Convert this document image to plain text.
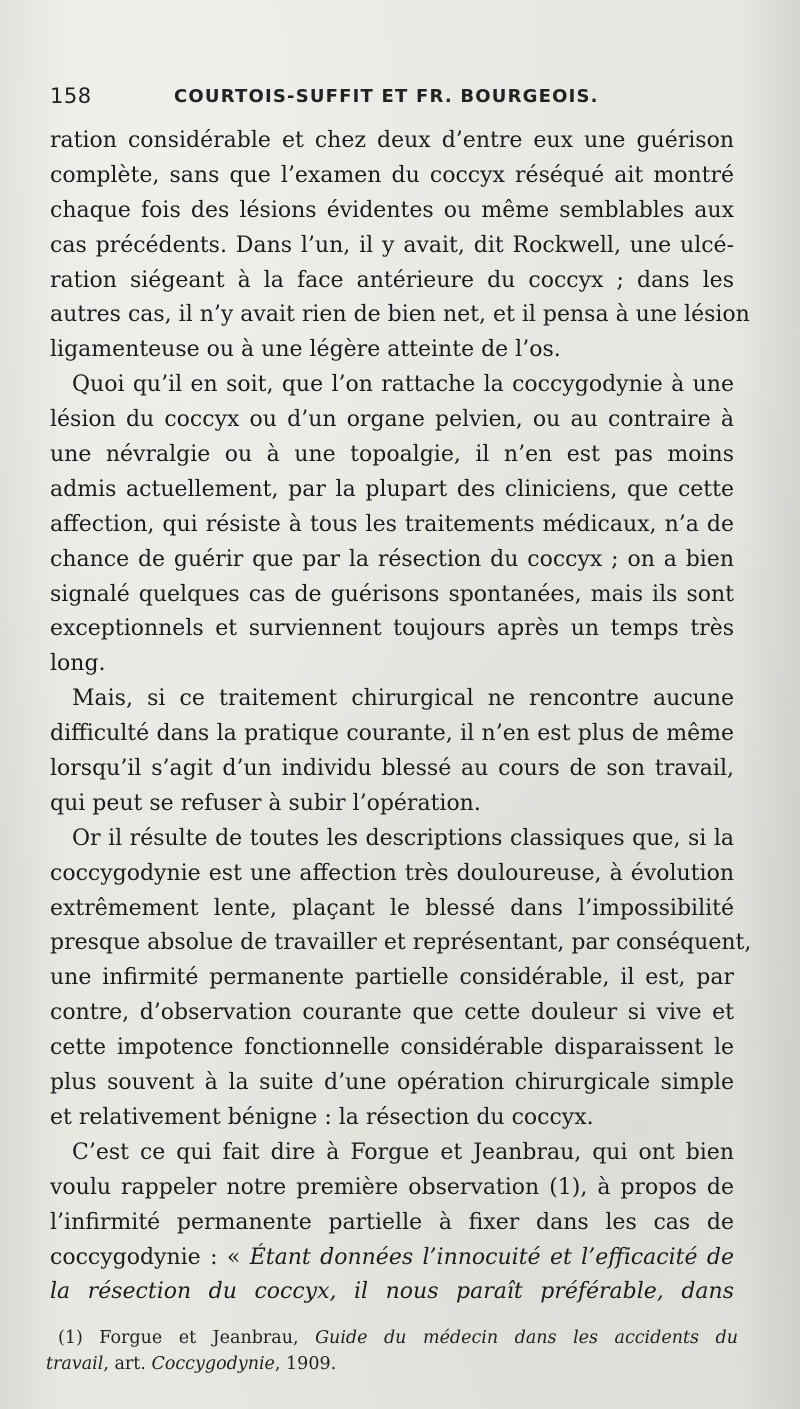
158	COURTOIS-SUFFIT ET FR. BOURGEOIS.
ration considérable et chez deux d’entre eux une guérison
complète, sans que l’examen du coccyx réséqué ait montré
chaque fois des lésions évidentes ou même semblables aux
cas précédents. Dans l’un, il y avait, dit Rockwell, une ulcé-
ration siégeant à la face antérieure du coccyx ; dans les
autres cas, il n’y avait rien de bien net, et il pensa à une lésion
ligamenteuse ou à une légère atteinte de l’os.
Quoi qu’il en soit, que l’on rattache la coccygodynie à une
lésion du coccyx ou d’un organe pelvien, ou au contraire à
une névralgie ou à une topoalgie, il n’en est pas moins
admis actuellement, par la plupart des cliniciens, que cette
affection, qui résiste à tous les traitements médicaux, n’a de
chance de guérir que par la résection du coccyx ; on a bien
signalé quelques cas de guérisons spontanées, mais ils sont
exceptionnels et surviennent toujours après un temps très
long.
Mais, si ce traitement chirurgical ne rencontre aucune
difficulté dans la pratique courante, il n’en est plus de même
lorsqu’il s’agit d’un individu blessé au cours de son travail,
qui peut se refuser à subir l’opération.
Or il résulte de toutes les descriptions classiques que, si la
coccygodynie est une affection très douloureuse, à évolution
extrêmement lente, plaçant le blessé dans l’impossibilité
presque absolue de travailler et représentant, par conséquent,
une infirmité permanente partielle considérable, il est, par
contre, d’observation courante que cette douleur si vive et
cette impotence fonctionnelle considérable disparaissent le
plus souvent à la suite d’une opération chirurgicale simple
et relativement bénigne : la résection du coccyx.
C’est ce qui fait dire à Forgue et Jeanbrau, qui ont bien
voulu rappeler notre première observation (1), à propos de
l’infirmité permanente partielle à fixer dans les cas de
coccygodynie : « Étant données l’innocuité et l’efficacité de
la résection du coccyx, il nous paraît préférable, dans
(1) Forgue et Jeanbrau, Guide du médecin dans les accidents du
travail, art. Coccygodynie, 1909.
